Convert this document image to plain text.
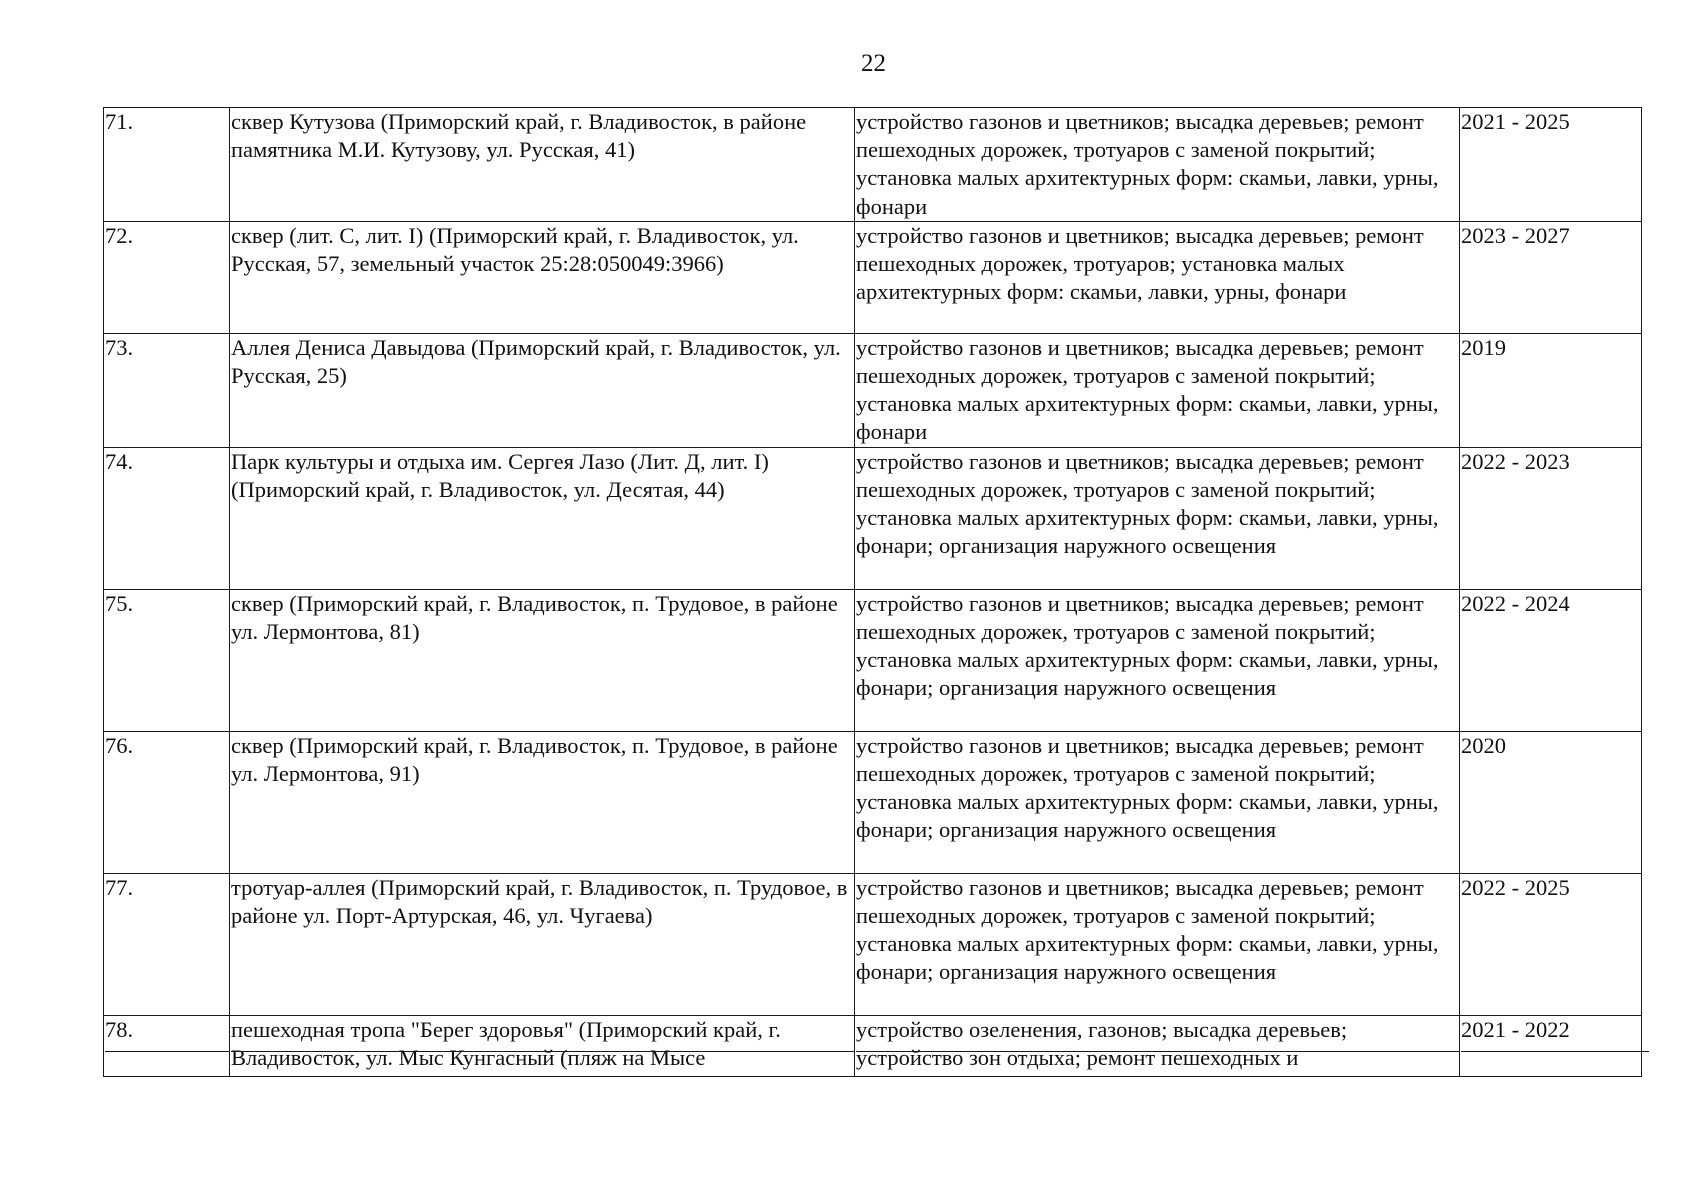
22
71.	сквер Кутузова (Приморский край, г. Владивосток, в районе памятника М.И. Кутузову, ул. Русская, 41)	устройство газонов и цветников; высадка деревьев; ремонт пешеходных дорожек, тротуаров с заменой покрытий; установка малых архитектурных форм: скамьи, лавки, урны, фонари	2021 - 2025
72.	сквер (лит. С, лит. I) (Приморский край, г. Владивосток, ул. Русская, 57, земельный участок 25:28:050049:3966)	устройство газонов и цветников; высадка деревьев; ремонт пешеходных дорожек, тротуаров; установка малых архитектурных форм: скамьи, лавки, урны, фонари	2023 - 2027
73.	Аллея Дениса Давыдова (Приморский край, г. Владивосток, ул. Русская, 25)	устройство газонов и цветников; высадка деревьев; ремонт пешеходных дорожек, тротуаров с заменой покрытий; установка малых архитектурных форм: скамьи, лавки, урны, фонари	2019
74.	Парк культуры и отдыха им. Сергея Лазо (Лит. Д, лит. I) (Приморский край, г. Владивосток, ул. Десятая, 44)	устройство газонов и цветников; высадка деревьев; ремонт пешеходных дорожек, тротуаров с заменой покрытий; установка малых архитектурных форм: скамьи, лавки, урны, фонари; организация наружного освещения	2022 - 2023
75.	сквер (Приморский край, г. Владивосток, п. Трудовое, в районе ул. Лермонтова, 81)	устройство газонов и цветников; высадка деревьев; ремонт пешеходных дорожек, тротуаров с заменой покрытий; установка малых архитектурных форм: скамьи, лавки, урны, фонари; организация наружного освещения	2022 - 2024
76.	сквер (Приморский край, г. Владивосток, п. Трудовое, в районе ул. Лермонтова, 91)	устройство газонов и цветников; высадка деревьев; ремонт пешеходных дорожек, тротуаров с заменой покрытий; установка малых архитектурных форм: скамьи, лавки, урны, фонари; организация наружного освещения	2020
77.	тротуар-аллея (Приморский край, г. Владивосток, п. Трудовое, в районе ул. Порт-Артурская, 46, ул. Чугаева)	устройство газонов и цветников; высадка деревьев; ремонт пешеходных дорожек, тротуаров с заменой покрытий; установка малых архитектурных форм: скамьи, лавки, урны, фонари; организация наружного освещения	2022 - 2025

78.	пешеходная тропа "Берег здоровья" (Приморский край, г. Владивосток, ул. Мыс Кунгасный (пляж на Мысе	устройство озеленения, газонов; высадка деревьев; устройство зон отдыха; ремонт пешеходных и	2021 - 2022
